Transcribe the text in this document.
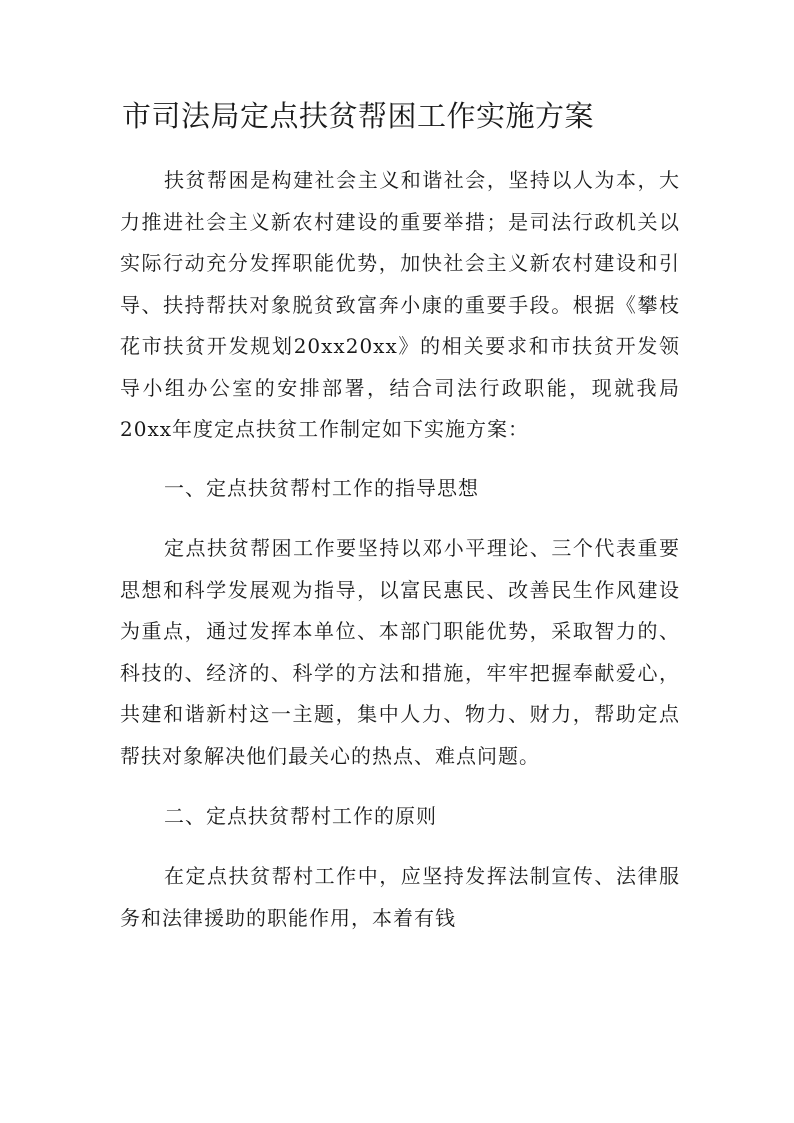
市司法局定点扶贫帮困工作实施方案

扶贫帮困是构建社会主义和谐社会，坚持以人为本，大力推进社会主义新农村建设的重要举措；是司法行政机关以实际行动充分发挥职能优势，加快社会主义新农村建设和引导、扶持帮扶对象脱贫致富奔小康的重要手段。根据《攀枝花市扶贫开发规划20xx20xx》的相关要求和市扶贫开发领导小组办公室的安排部署，结合司法行政职能，现就我局20xx年度定点扶贫工作制定如下实施方案：

一、定点扶贫帮村工作的指导思想

定点扶贫帮困工作要坚持以邓小平理论、三个代表重要思想和科学发展观为指导，以富民惠民、改善民生作风建设为重点，通过发挥本单位、本部门职能优势，采取智力的、科技的、经济的、科学的方法和措施，牢牢把握奉献爱心，共建和谐新村这一主题，集中人力、物力、财力，帮助定点帮扶对象解决他们最关心的热点、难点问题。

二、定点扶贫帮村工作的原则

在定点扶贫帮村工作中，应坚持发挥法制宣传、法律服务和法律援助的职能作用，本着有钱
